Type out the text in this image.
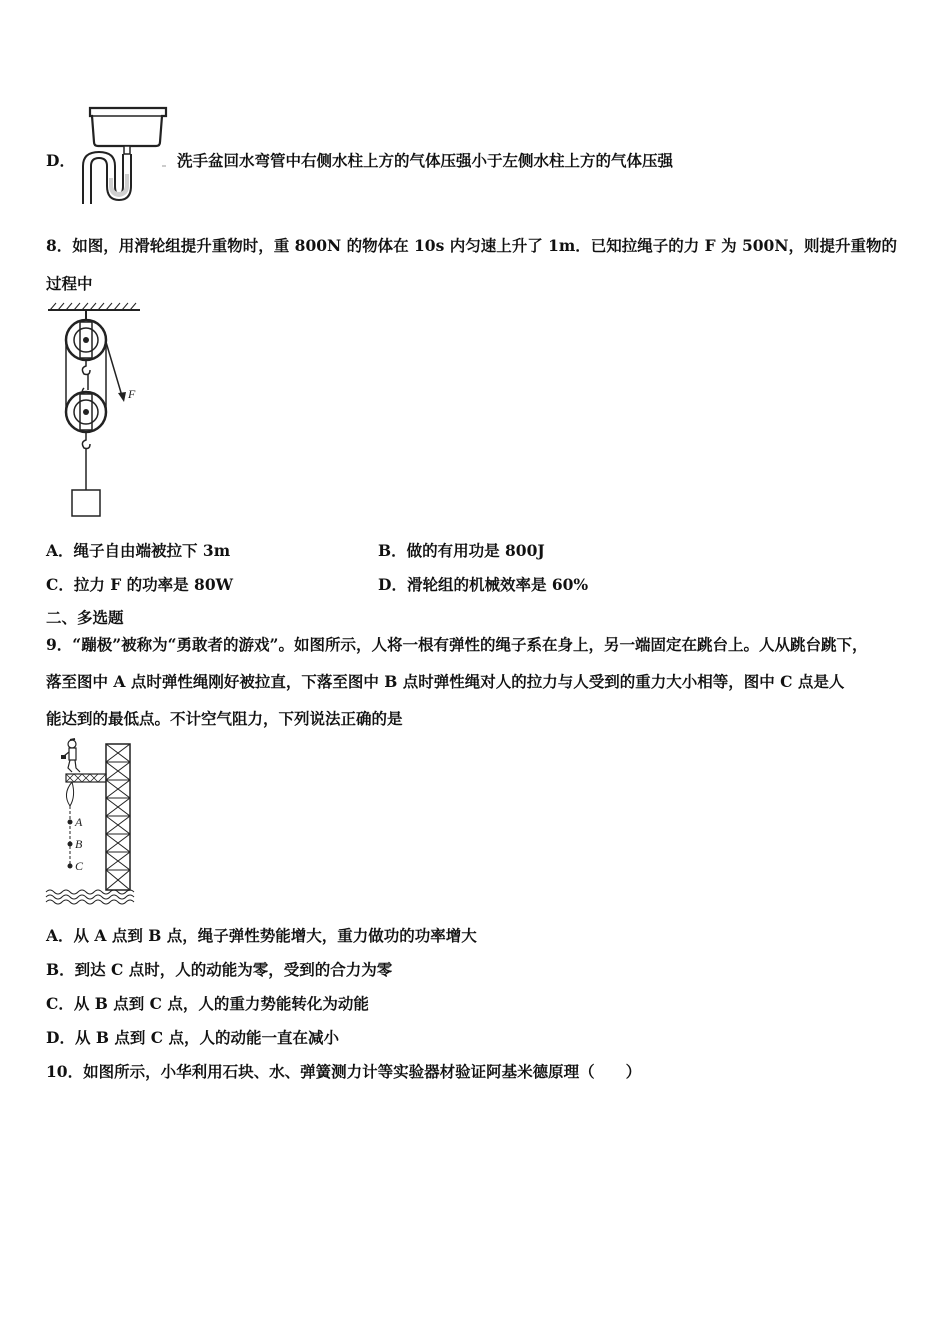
D．	洗手盆回水弯管中右侧水柱上方的气体压强小于左侧水柱上方的气体压强
8．如图，用滑轮组提升重物时，重 800N 的物体在 10s 内匀速上升了 1m．已知拉绳子的力 F 为 500N，则提升重物的
过程中
F
A．绳子自由端被拉下 3m	B．做的有用功是 800J
C．拉力 F 的功率是 80W	D．滑轮组的机械效率是 60%
二、多选题
9．“蹦极”被称为“勇敢者的游戏”。如图所示，人将一根有弹性的绳子系在身上，另一端固定在跳台上。人从跳台跳下，
落至图中 A 点时弹性绳刚好被拉直，下落至图中 B 点时弹性绳对人的拉力与人受到的重力大小相等，图中 C 点是人
能达到的最低点。不计空气阻力，下列说法正确的是
A
B
C
A．从 A 点到 B 点，绳子弹性势能增大，重力做功的功率增大
B．到达 C 点时，人的动能为零，受到的合力为零
C．从 B 点到 C 点，人的重力势能转化为动能
D．从 B 点到 C 点，人的动能一直在减小
10．如图所示，小华利用石块、水、弹簧测力计等实验器材验证阿基米德原理（　　）
